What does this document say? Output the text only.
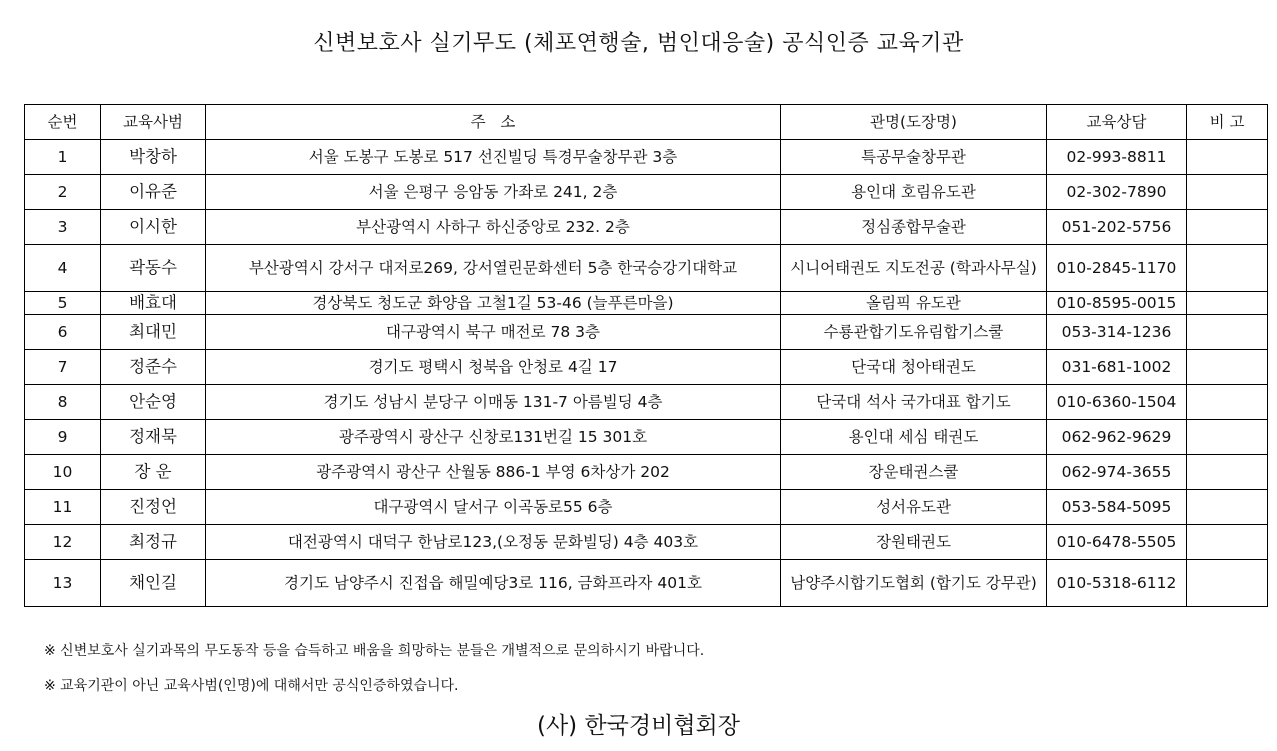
신변보호사 실기무도 (체포연행술, 범인대응술) 공식인증 교육기관
순번	교육사범	주   소	관명(도장명)	교육상담	비 고
1	박창하	서울 도봉구 도봉로 517 선진빌딩 특경무술창무관 3층	특공무술창무관	02-993-8811	
2	이유준	서울 은평구 응암동 가좌로 241, 2층	용인대 호림유도관	02-302-7890	
3	이시한	부산광역시 사하구 하신중앙로 232. 2층	정심종합무술관	051-202-5756	
4	곽동수	부산광역시 강서구 대저로269, 강서열린문화센터 5층 한국승강기대학교	시니어태권도 지도전공 (학과사무실)	010-2845-1170	
5	배효대	경상북도 청도군 화양읍 고철1길 53-46 (늘푸른마을)	올림픽 유도관	010-8595-0015	
6	최대민	대구광역시 북구 매전로 78 3층	수룡관합기도유림합기스쿨	053-314-1236	
7	정준수	경기도 평택시 청북읍 안청로 4길 17	단국대 청아태권도	031-681-1002	
8	안순영	경기도 성남시 분당구 이매동 131-7 아름빌딩 4층	단국대 석사 국가대표 합기도	010-6360-1504	
9	정재묵	광주광역시 광산구 신창로131번길 15 301호	용인대 세심 태권도	062-962-9629	
10	장 운	광주광역시 광산구 산월동 886-1 부영 6차상가 202	장운태권스쿨	062-974-3655	
11	진정언	대구광역시 달서구 이곡동로55 6층	성서유도관	053-584-5095	
12	최정규	대전광역시 대덕구 한남로123,(오정동 문화빌딩) 4층 403호	장원태권도	010-6478-5505	
13	채인길	경기도 남양주시 진접읍 해밀예당3로 116, 금화프라자 401호	남양주시합기도협회 (합기도 강무관)	010-5318-6112	
※ 신변보호사 실기과목의 무도동작 등을 습득하고 배움을 희망하는 분들은 개별적으로 문의하시기 바랍니다.
※ 교육기관이 아닌 교육사범(인명)에 대해서만 공식인증하였습니다.
(사) 한국경비협회장
